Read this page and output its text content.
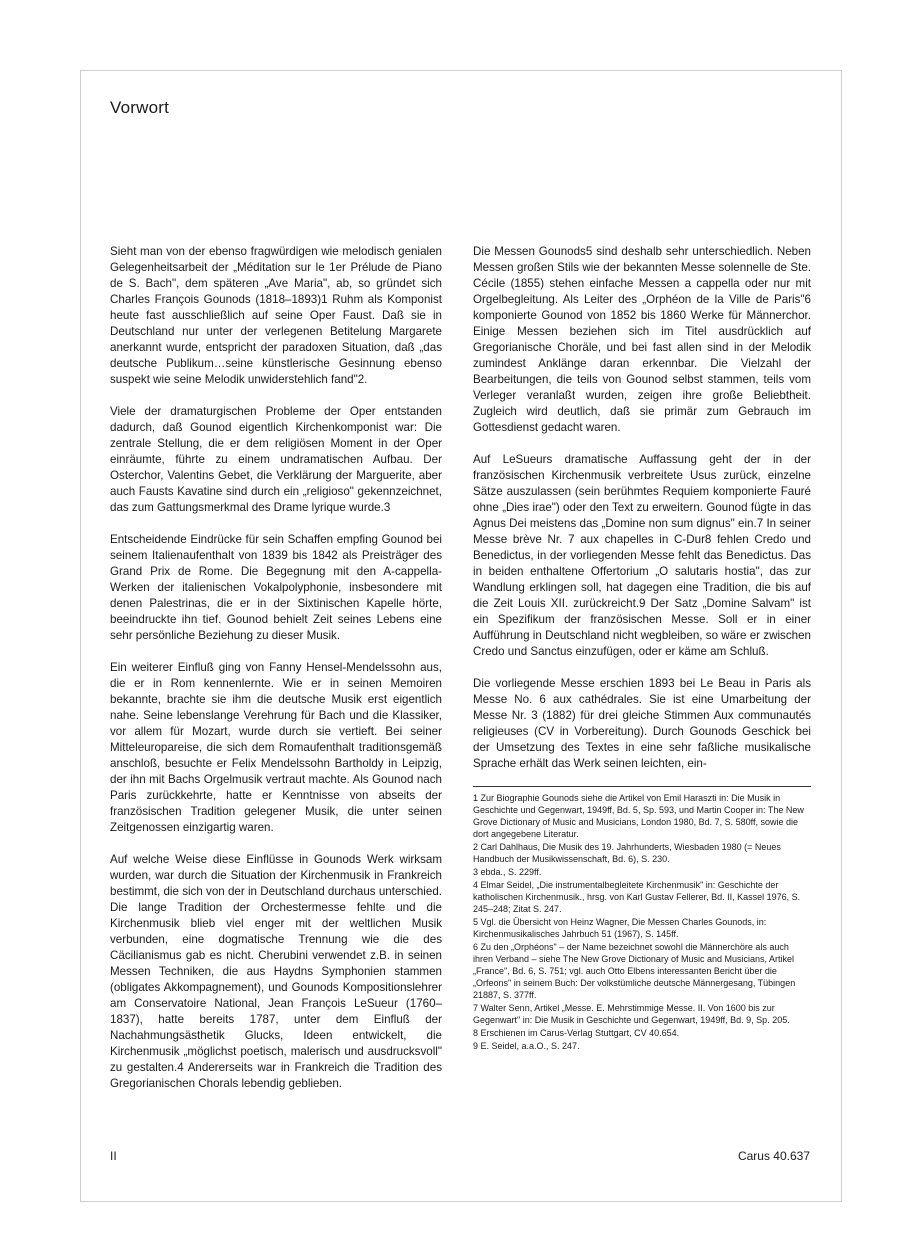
Vorwort

Sieht man von der ebenso fragwürdigen wie melodisch genialen Gelegenheitsarbeit der „Méditation sur le 1er Prélude de Piano de S. Bach", dem späteren „Ave Maria", ab, so gründet sich Charles François Gounods (1818–1893)1 Ruhm als Komponist heute fast ausschließlich auf seine Oper Faust. Daß sie in Deutschland nur unter der verlegenen Betitelung Margarete anerkannt wurde, entspricht der paradoxen Situation, daß „das deutsche Publikum…seine künstlerische Gesinnung ebenso suspekt wie seine Melodik unwiderstehlich fand"2.

Viele der dramaturgischen Probleme der Oper entstanden dadurch, daß Gounod eigentlich Kirchenkomponist war: Die zentrale Stellung, die er dem religiösen Moment in der Oper einräumte, führte zu einem undramatischen Aufbau. Der Osterchor, Valentins Gebet, die Verklärung der Marguerite, aber auch Fausts Kavatine sind durch ein „religioso" gekennzeichnet, das zum Gattungsmerkmal des Drame lyrique wurde.3

Entscheidende Eindrücke für sein Schaffen empfing Gounod bei seinem Italienaufenthalt von 1839 bis 1842 als Preisträger des Grand Prix de Rome. Die Begegnung mit den A-cappella-Werken der italienischen Vokalpolyphonie, insbesondere mit denen Palestrinas, die er in der Sixtinischen Kapelle hörte, beeindruckte ihn tief. Gounod behielt Zeit seines Lebens eine sehr persönliche Beziehung zu dieser Musik.

Ein weiterer Einfluß ging von Fanny Hensel-Mendelssohn aus, die er in Rom kennenlernte. Wie er in seinen Memoiren bekannte, brachte sie ihm die deutsche Musik erst eigentlich nahe. Seine lebenslange Verehrung für Bach und die Klassiker, vor allem für Mozart, wurde durch sie vertieft. Bei seiner Mitteleuropareise, die sich dem Romaufenthalt traditionsgemäß anschloß, besuchte er Felix Mendelssohn Bartholdy in Leipzig, der ihn mit Bachs Orgelmusik vertraut machte. Als Gounod nach Paris zurückkehrte, hatte er Kenntnisse von abseits der französischen Tradition gelegener Musik, die unter seinen Zeitgenossen einzigartig waren.

Auf welche Weise diese Einflüsse in Gounods Werk wirksam wurden, war durch die Situation der Kirchenmusik in Frankreich bestimmt, die sich von der in Deutschland durchaus unterschied. Die lange Tradition der Orchestermesse fehlte und die Kirchenmusik blieb viel enger mit der weltlichen Musik verbunden, eine dogmatische Trennung wie die des Cäcilianismus gab es nicht. Cherubini verwendet z.B. in seinen Messen Techniken, die aus Haydns Symphonien stammen (obligates Akkompagnement), und Gounods Kompositionslehrer am Conservatoire National, Jean François LeSueur (1760–1837), hatte bereits 1787, unter dem Einfluß der Nachahmungsästhetik Glucks, Ideen entwickelt, die Kirchenmusik „möglichst poetisch, malerisch und ausdrucksvoll" zu gestalten.4 Andererseits war in Frankreich die Tradition des Gregorianischen Chorals lebendig geblieben.

Die Messen Gounods5 sind deshalb sehr unterschiedlich. Neben Messen großen Stils wie der bekannten Messe solennelle de Ste. Cécile (1855) stehen einfache Messen a cappella oder nur mit Orgelbegleitung. Als Leiter des „Orphéon de la Ville de Paris"6 komponierte Gounod von 1852 bis 1860 Werke für Männerchor. Einige Messen beziehen sich im Titel ausdrücklich auf Gregorianische Choräle, und bei fast allen sind in der Melodik zumindest Anklänge daran erkennbar. Die Vielzahl der Bearbeitungen, die teils von Gounod selbst stammen, teils vom Verleger veranlaßt wurden, zeigen ihre große Beliebtheit. Zugleich wird deutlich, daß sie primär zum Gebrauch im Gottesdienst gedacht waren.

Auf LeSueurs dramatische Auffassung geht der in der französischen Kirchenmusik verbreitete Usus zurück, einzelne Sätze auszulassen (sein berühmtes Requiem komponierte Fauré ohne „Dies irae") oder den Text zu erweitern. Gounod fügte in das Agnus Dei meistens das „Domine non sum dignus" ein.7 In seiner Messe brève Nr. 7 aux chapelles in C-Dur8 fehlen Credo und Benedictus, in der vorliegenden Messe fehlt das Benedictus. Das in beiden enthaltene Offertorium „O salutaris hostia", das zur Wandlung erklingen soll, hat dagegen eine Tradition, die bis auf die Zeit Louis XII. zurückreicht.9 Der Satz „Domine Salvam" ist ein Spezifikum der französischen Messe. Soll er in einer Aufführung in Deutschland nicht wegbleiben, so wäre er zwischen Credo und Sanctus einzufügen, oder er käme am Schluß.

Die vorliegende Messe erschien 1893 bei Le Beau in Paris als Messe No. 6 aux cathédrales. Sie ist eine Umarbeitung der Messe Nr. 3 (1882) für drei gleiche Stimmen Aux communautés religieuses (CV in Vorbereitung). Durch Gounods Geschick bei der Umsetzung des Textes in eine sehr faßliche musikalische Sprache erhält das Werk seinen leichten, ein-

1 Zur Biographie Gounods siehe die Artikel von Emil Haraszti in: Die Musik in Geschichte und Gegenwart, 1949ff, Bd. 5, Sp. 593, und Martin Cooper in: The New Grove Dictionary of Music and Musicians, London 1980, Bd. 7, S. 580ff, sowie die dort angegebene Literatur.
2 Carl Dahlhaus, Die Musik des 19. Jahrhunderts, Wiesbaden 1980 (= Neues Handbuch der Musikwissenschaft, Bd. 6), S. 230.
3 ebda., S. 229ff.
4 Elmar Seidel, „Die instrumentalbegleitete Kirchenmusik" in: Geschichte der katholischen Kirchenmusik., hrsg. von Karl Gustav Fellerer, Bd. II, Kassel 1976, S. 245–248; Zitat S. 247.
5 Vgl. die Übersicht von Heinz Wagner, Die Messen Charles Gounods, in: Kirchenmusikalisches Jahrbuch 51 (1967), S. 145ff.
6 Zu den „Orphéons" – der Name bezeichnet sowohl die Männerchöre als auch ihren Verband – siehe The New Grove Dictionary of Music and Musicians, Artikel „France", Bd. 6, S. 751; vgl. auch Otto Elbens interessanten Bericht über die „Orfeons" in seinem Buch: Der volkstümliche deutsche Männergesang, Tübingen 21887, S. 377ff.
7 Walter Senn, Artikel „Messe. E. Mehrstimmige Messe. II. Von 1600 bis zur Gegenwart" in: Die Musik in Geschichte und Gegenwart, 1949ff, Bd. 9, Sp. 205.
8 Erschienen im Carus-Verlag Stuttgart, CV 40.654.
9 E. Seidel, a.a.O., S. 247.
II	Carus 40.637
